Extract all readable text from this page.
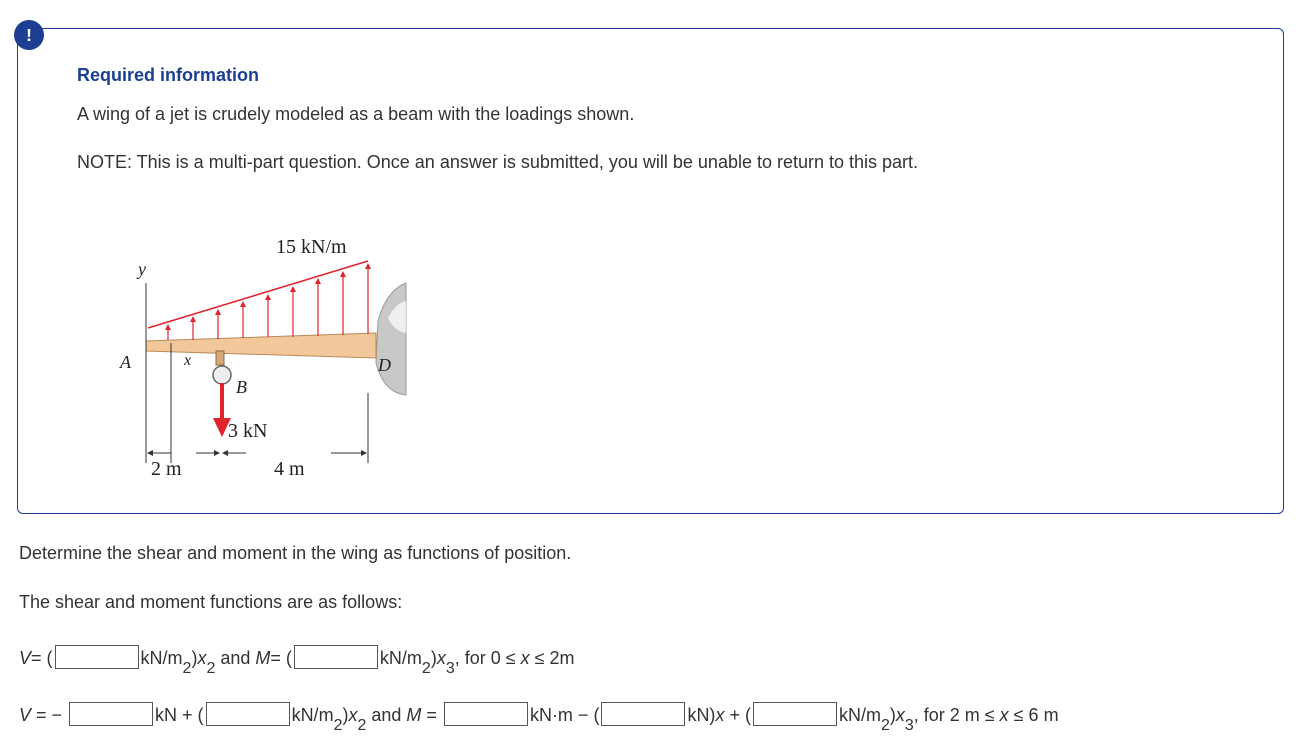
!
Required information
A wing of a jet is crudely modeled as a beam with the loadings shown.
NOTE: This is a multi-part question. Once an answer is submitted, you will be unable to return to this part.
15 kN/m
y
A	x
B
D
3 kN
2 m	4 m
Determine the shear and moment in the wing as functions of position.
The shear and moment functions are as follows:
V = (	kN/m
2
) x
2
and M = (	kN/m
2
) x
3
, for 0 ≤ x ≤ 2m
V = −	kN + (	kN/m
2
) x
2
and M =	kN·m − (	kN) x + (	kN/m
2
) x
3
, for 2 m ≤ x ≤ 6 m
